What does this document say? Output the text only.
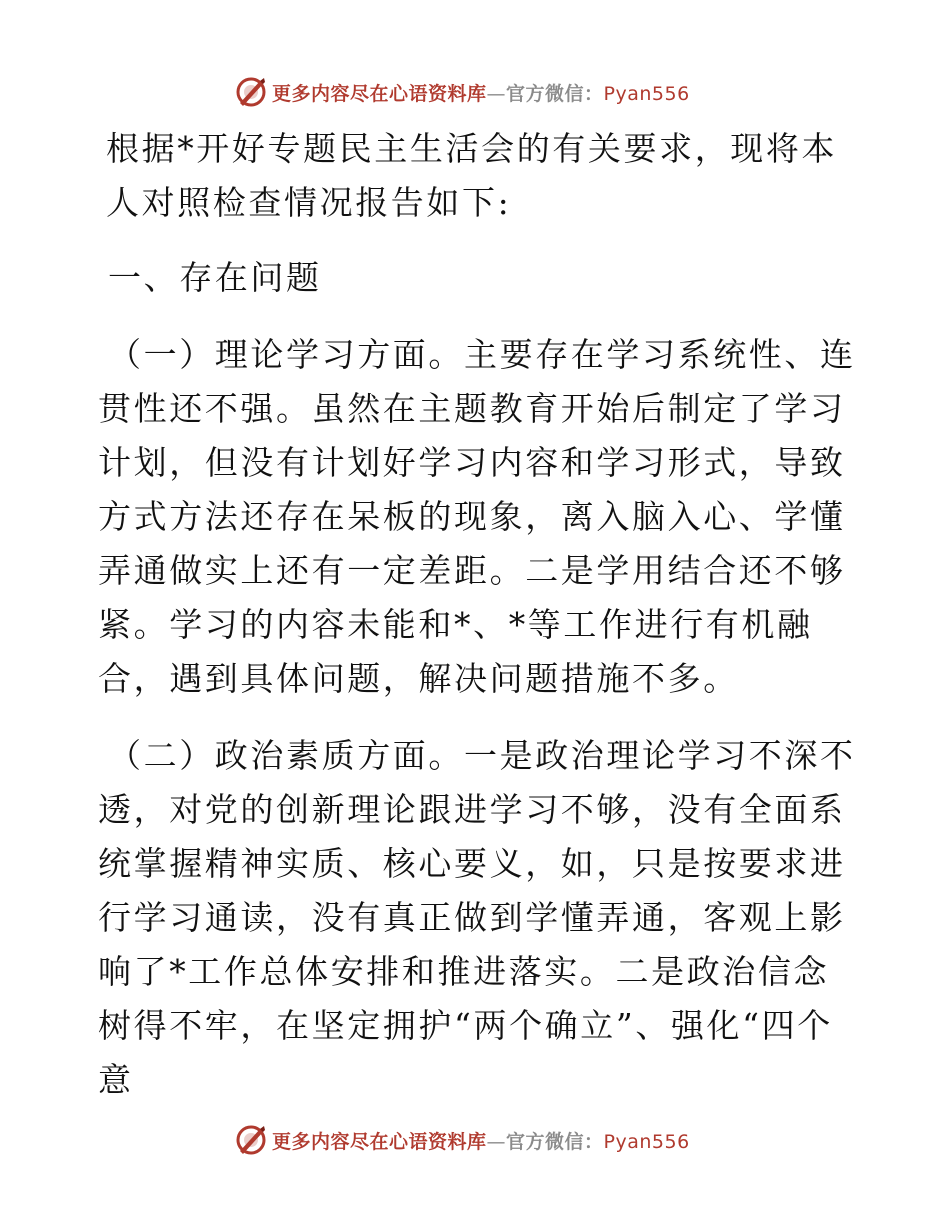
更多内容尽在心语资料库—官方微信：Pyan556

根据*开好专题民主生活会的有关要求，现将本人对照检查情况报告如下:

一、存在问题

（一）理论学习方面。主要存在学习系统性、连贯性还不强。虽然在主题教育开始后制定了学习计划，但没有计划好学习内容和学习形式，导致方式方法还存在呆板的现象，离入脑入心、学懂弄通做实上还有一定差距。二是学用结合还不够紧。学习的内容未能和*、*等工作进行有机融合，遇到具体问题，解决问题措施不多。

（二）政治素质方面。一是政治理论学习不深不透，对党的创新理论跟进学习不够，没有全面系统掌握精神实质、核心要义，如，只是按要求进行学习通读，没有真正做到学懂弄通，客观上影响了*工作总体安排和推进落实。二是政治信念树得不牢，在坚定拥护“两个确立”、强化“四个意

更多内容尽在心语资料库—官方微信：Pyan556
